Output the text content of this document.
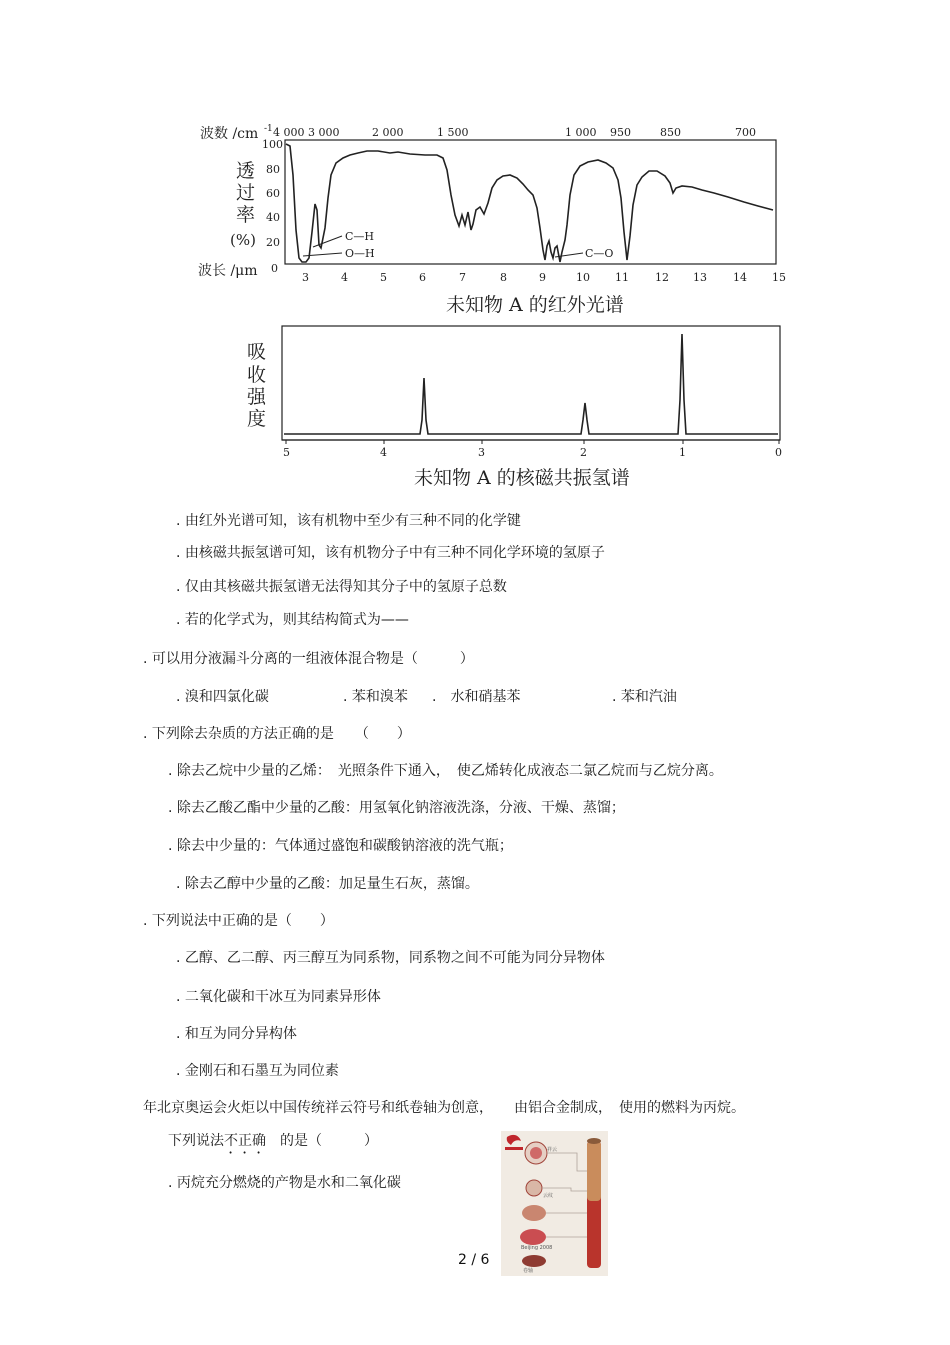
波数 /cm -1 4 000 3 000	2 000	1 500	1 000 950	850	700
透
过
率
(%)
100
80
60
40
20
0
C—H
O—H	C—O
波长 /μm	3	4	5	6	7	8	9	10 11 12 13 14 15
未知物 A 的红外光谱
吸
收
强
度
5	4	3	2	1	0
未知物 A 的核磁共振氢谱
. 由红外光谱可知，该有机物中至少有三种不同的化学键
. 由核磁共振氢谱可知，该有机物分子中有三种不同化学环境的氢原子
. 仅由其核磁共振氢谱无法得知其分子中的氢原子总数
. 若的化学式为，则其结构简式为——
. 可以用分液漏斗分离的一组液体混合物是（　　　）
. 溴和四氯化碳	. 苯和溴苯 .　水和硝基苯	. 苯和汽油
. 下列除去杂质的方法正确的是　　（　　）
. 除去乙烷中少量的乙烯：　光照条件下通入，　使乙烯转化成液态二氯乙烷而与乙烷分离。
. 除去乙酸乙酯中少量的乙酸：用氢氧化钠溶液洗涤，分液、干燥、蒸馏；
. 除去中少量的：气体通过盛饱和碳酸钠溶液的洗气瓶；
. 除去乙醇中少量的乙酸：加足量生石灰，蒸馏。
. 下列说法中正确的是（　　）
. 乙醇、乙二醇、丙三醇互为同系物，同系物之间不可能为同分异物体
. 二氧化碳和干冰互为同素异形体
. 和互为同分异构体
. 金刚石和石墨互为同位素
年北京奥运会火炬以中国传统祥云符号和纸卷轴为创意，　　由铝合金制成，　使用的燃料为丙烷。
下列说法不正确　的是（　　　）
. 丙烷充分燃烧的产物是水和二氧化碳
Beijing 2008
祥云
云纹
卷轴
2 / 6
